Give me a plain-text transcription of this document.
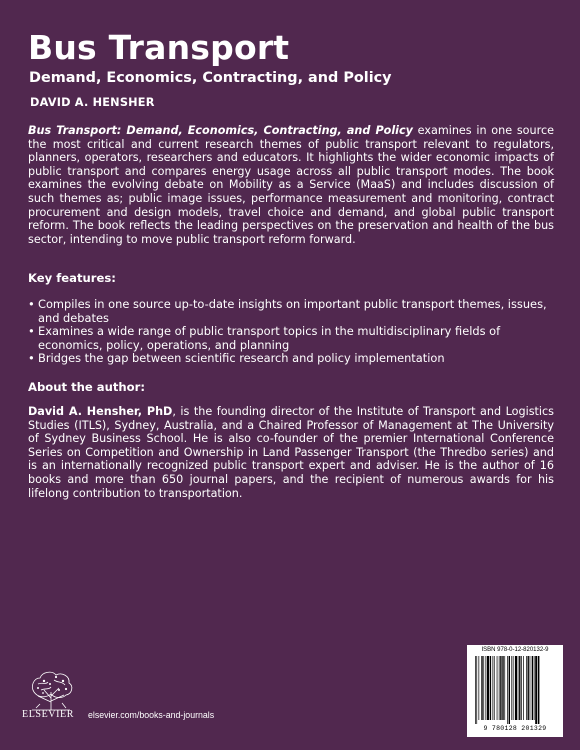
Bus Transport
Demand, Economics, Contracting, and Policy
DAVID A. HENSHER

Bus Transport: Demand, Economics, Contracting, and Policy examines in one source the most critical and current research themes of public transport relevant to regulators, planners, operators, researchers and educators. It highlights the wider economic impacts of public transport and compares energy usage across all public transport modes. The book examines the evolving debate on Mobility as a Service (MaaS) and includes discussion of such themes as; public image issues, performance measurement and monitoring, contract procurement and design models, travel choice and demand, and global public transport reform. The book reflects the leading perspectives on the preservation and health of the bus sector, intending to move public transport reform forward.

Key features:
• Compiles in one source up-to-date insights on important public transport themes, issues, and debates
• Examines a wide range of public transport topics in the multidisciplinary fields of economics, policy, operations, and planning
• Bridges the gap between scientific research and policy implementation
About the author:

David A. Hensher, PhD, is the founding director of the Institute of Transport and Logistics Studies (ITLS), Sydney, Australia, and a Chaired Professor of Management at The University of Sydney Business School. He is also co-founder of the premier International Conference Series on Competition and Ownership in Land Passenger Transport (the Thredbo series) and is an internationally recognized public transport expert and adviser. He is the author of 16 books and more than 650 journal papers, and the recipient of numerous awards for his lifelong contribution to transportation.

ELSEVIER elsevier.com/books-and-journals
ISBN 978-0-12-820132-9
9 780128 201329
